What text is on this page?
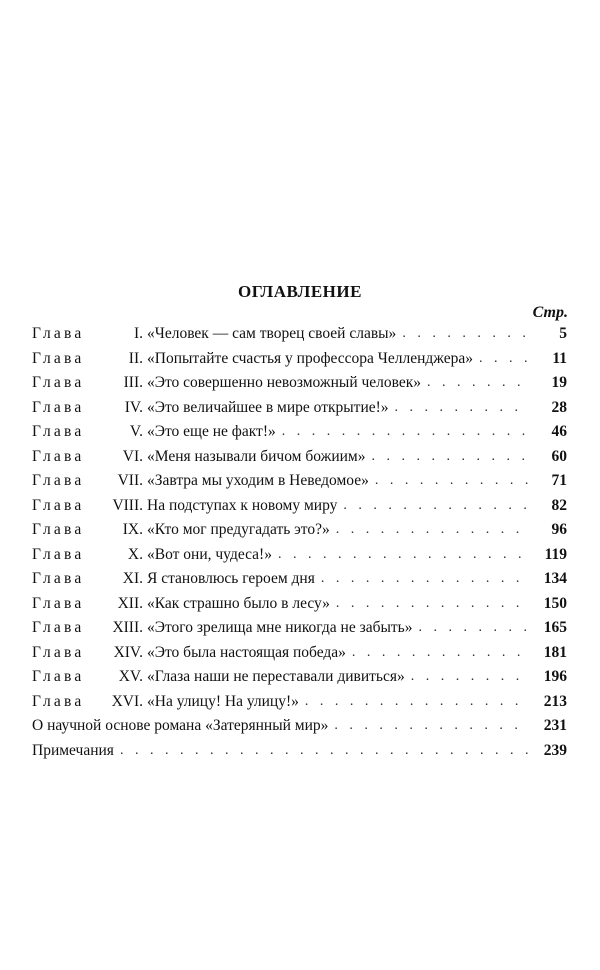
ОГЛАВЛЕНИЕ
Стр.
Глава	I. «Человек — сам творец своей славы» . . .	5
Глава	II. «Попытайте счастья у профессора Челленджера» . . .	11
Глава	III. «Это совершенно невозможный человек» . . .	19
Глава	IV. «Это величайшее в мире открытие!» . . .	28
Глава	V. «Это еще не факт!» . . .	46
Глава	VI. «Меня называли бичом божиим» . . .	60
Глава	VII. «Завтра мы уходим в Неведомое» . . .	71
Глава	VIII. На подступах к новому миру . . .	82
Глава	IX. «Кто мог предугадать это?» . . .	96
Глава	X. «Вот они, чудеса!» . . .	119
Глава	XI. Я становлюсь героем дня . . .	134
Глава	XII. «Как страшно было в лесу» . . .	150
Глава	XIII. «Этого зрелища мне никогда не забыть» . . .	165
Глава	XIV. «Это была настоящая победа» . . .	181
Глава	XV. «Глаза наши не переставали дивиться» . . .	196
Глава	XVI. «На улицу! На улицу!» . . .	213
О научной основе романа «Затерянный мир» . . .	231
Примечания . . .	239
